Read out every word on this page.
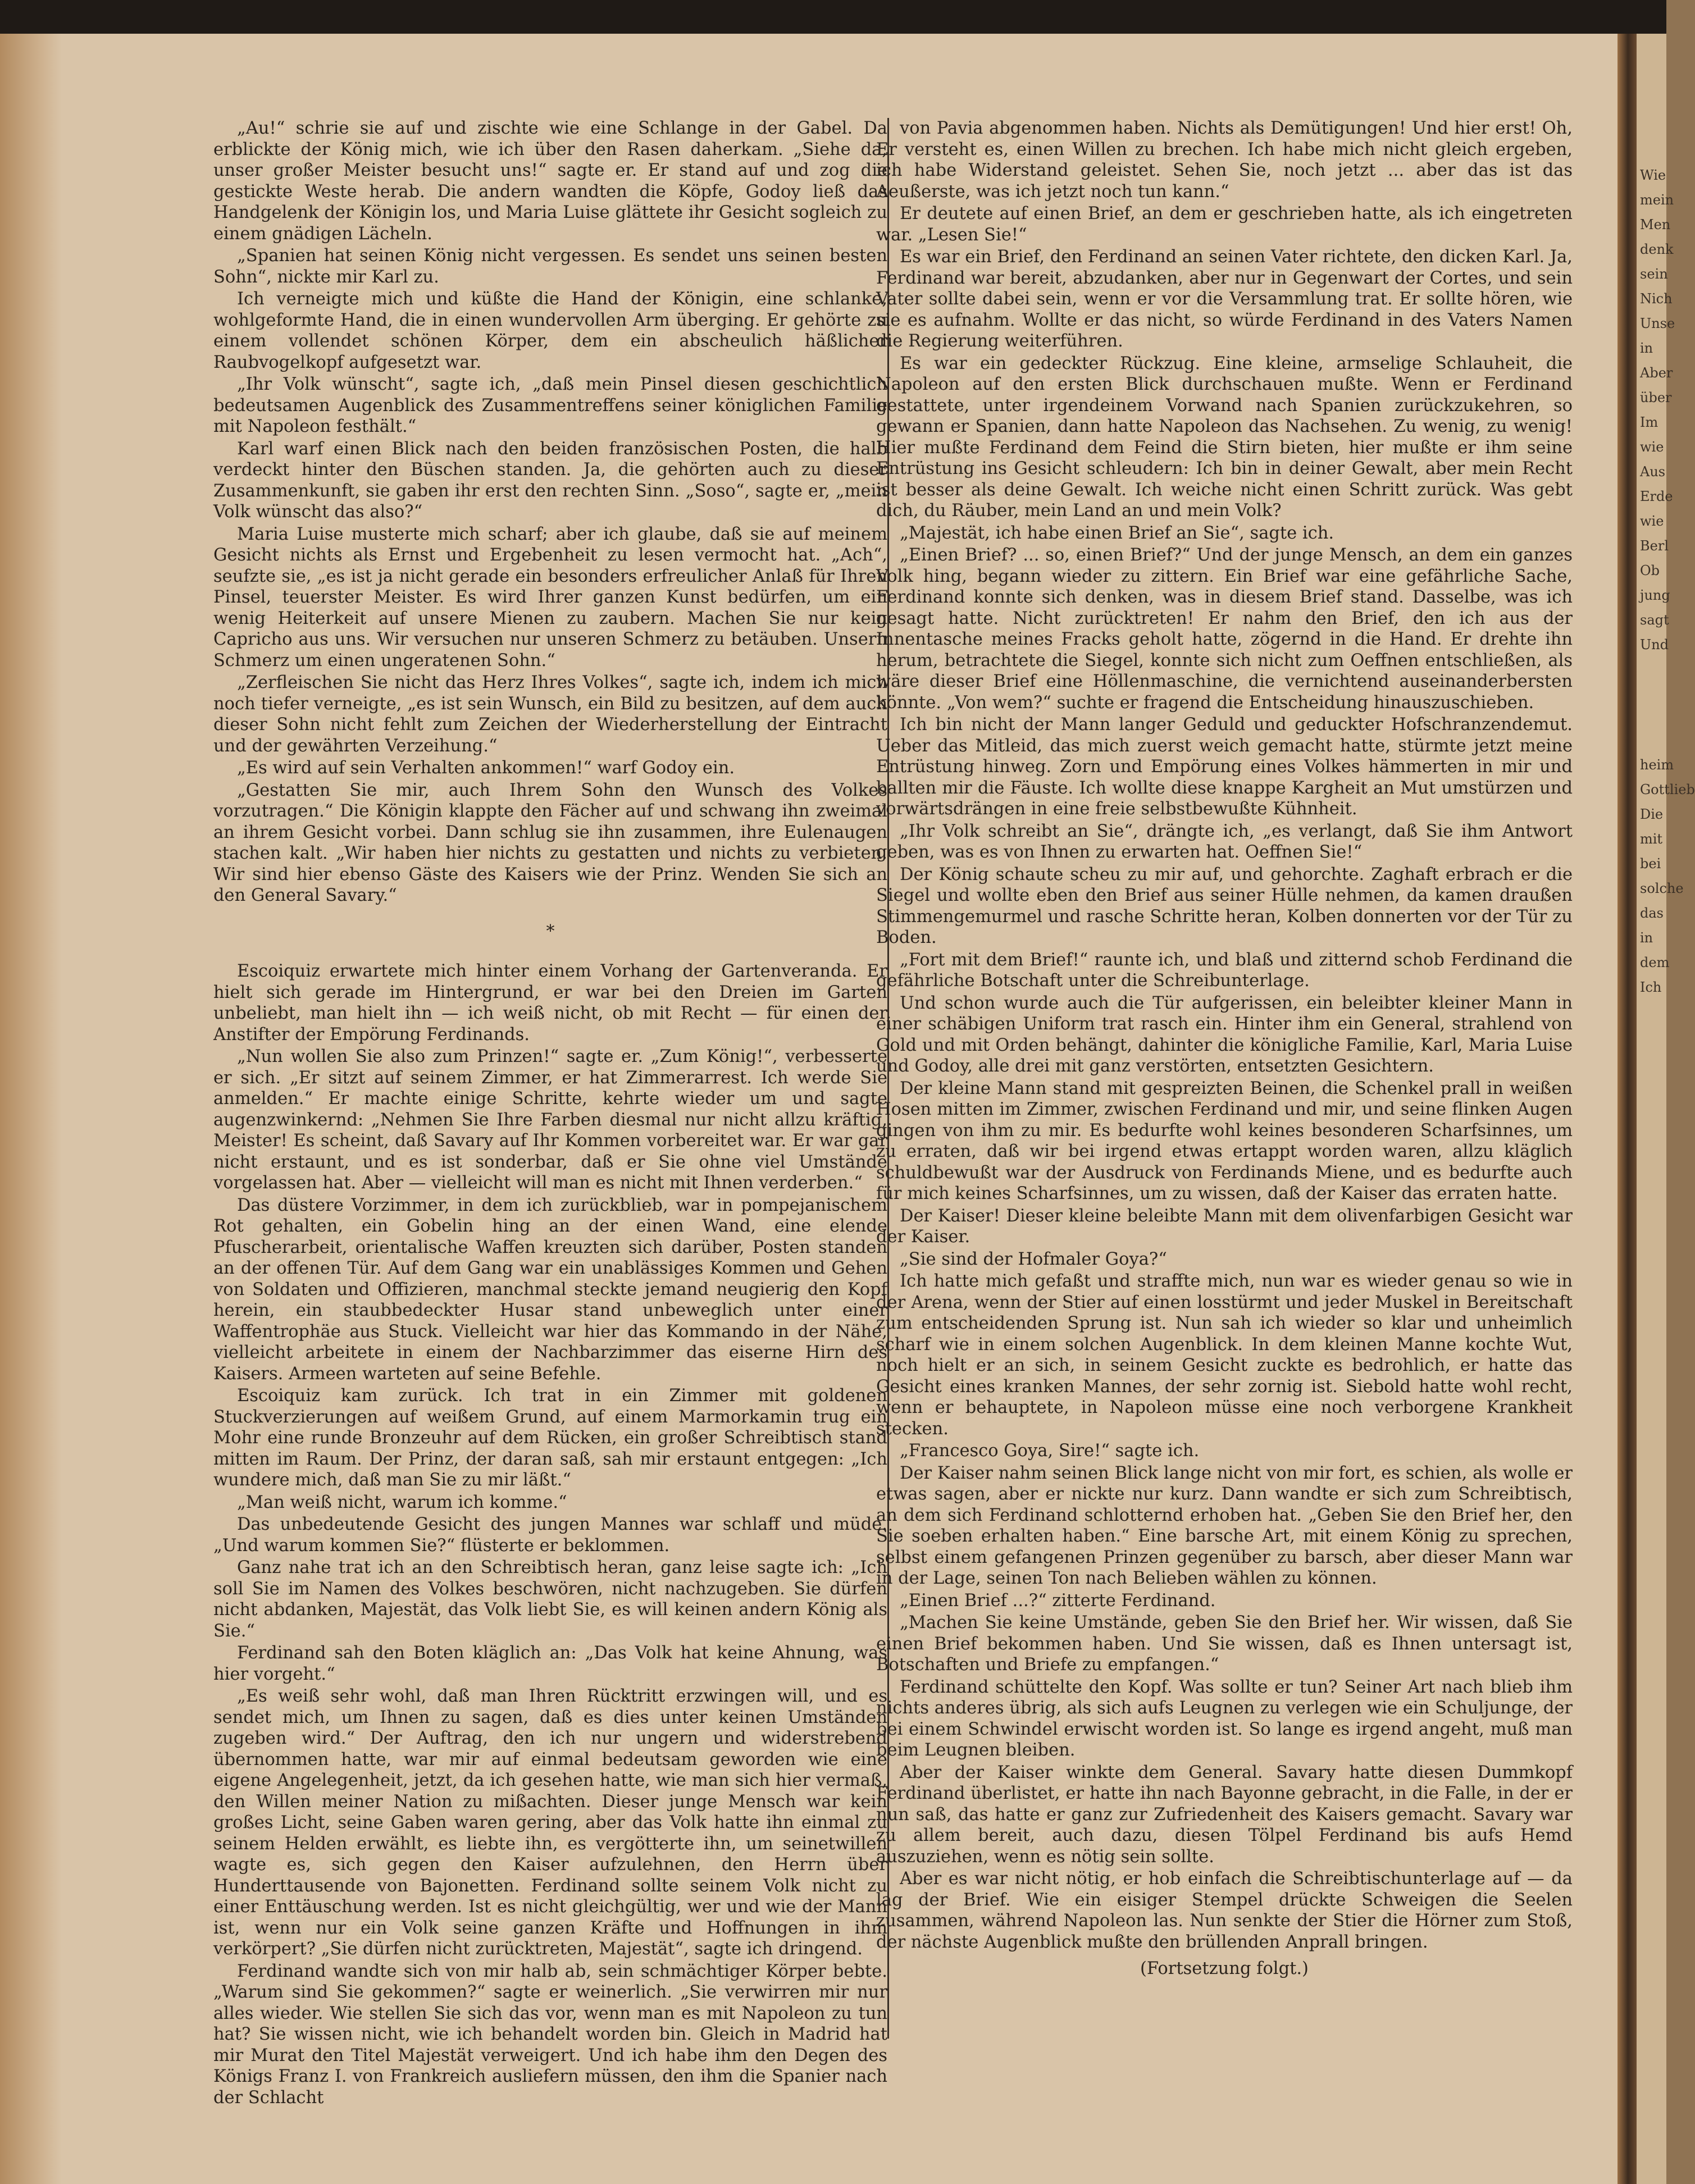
„Au!“ schrie sie auf und zischte wie eine Schlange in der Gabel. Da erblickte der König mich, wie ich über den Rasen daherkam. „Siehe da, unser großer Meister besucht uns!“ sagte er. Er stand auf und zog die gestickte Weste herab. Die andern wandten die Köpfe, Godoy ließ das Handgelenk der Königin los, und Maria Luise glättete ihr Gesicht sogleich zu einem gnädigen Lächeln.

„Spanien hat seinen König nicht vergessen. Es sendet uns seinen besten Sohn“, nickte mir Karl zu.

Ich verneigte mich und küßte die Hand der Königin, eine schlanke, wohlgeformte Hand, die in einen wundervollen Arm überging. Er gehörte zu einem vollendet schönen Körper, dem ein abscheulich häßlicher Raubvogelkopf aufgesetzt war.

„Ihr Volk wünscht“, sagte ich, „daß mein Pinsel diesen geschichtlich bedeutsamen Augenblick des Zusammentreffens seiner königlichen Familie mit Napoleon festhält.“

Karl warf einen Blick nach den beiden französischen Posten, die halb verdeckt hinter den Büschen standen. Ja, die gehörten auch zu dieser Zusammenkunft, sie gaben ihr erst den rechten Sinn. „Soso“, sagte er, „mein Volk wünscht das also?“

Maria Luise musterte mich scharf; aber ich glaube, daß sie auf meinem Gesicht nichts als Ernst und Ergebenheit zu lesen vermocht hat. „Ach“, seufzte sie, „es ist ja nicht gerade ein besonders erfreulicher Anlaß für Ihren Pinsel, teuerster Meister. Es wird Ihrer ganzen Kunst bedürfen, um ein wenig Heiterkeit auf unsere Mienen zu zaubern. Machen Sie nur kein Capricho aus uns. Wir versuchen nur unseren Schmerz zu betäuben. Unsern Schmerz um einen ungeratenen Sohn.“

„Zerfleischen Sie nicht das Herz Ihres Volkes“, sagte ich, indem ich mich noch tiefer verneigte, „es ist sein Wunsch, ein Bild zu besitzen, auf dem auch dieser Sohn nicht fehlt zum Zeichen der Wiederherstellung der Eintracht und der gewährten Verzeihung.“

„Es wird auf sein Verhalten ankommen!“ warf Godoy ein.

„Gestatten Sie mir, auch Ihrem Sohn den Wunsch des Volkes vorzutragen.“ Die Königin klappte den Fächer auf und schwang ihn zweimal an ihrem Gesicht vorbei. Dann schlug sie ihn zusammen, ihre Eulenaugen stachen kalt. „Wir haben hier nichts zu gestatten und nichts zu verbieten. Wir sind hier ebenso Gäste des Kaisers wie der Prinz. Wenden Sie sich an den General Savary.“

*

Escoiquiz erwartete mich hinter einem Vorhang der Gartenveranda. Er hielt sich gerade im Hintergrund, er war bei den Dreien im Garten unbeliebt, man hielt ihn — ich weiß nicht, ob mit Recht — für einen der Anstifter der Empörung Ferdinands.

„Nun wollen Sie also zum Prinzen!“ sagte er. „Zum König!“, verbesserte er sich. „Er sitzt auf seinem Zimmer, er hat Zimmerarrest. Ich werde Sie anmelden.“ Er machte einige Schritte, kehrte wieder um und sagte augenzwinkernd: „Nehmen Sie Ihre Farben diesmal nur nicht allzu kräftig, Meister! Es scheint, daß Savary auf Ihr Kommen vorbereitet war. Er war gar nicht erstaunt, und es ist sonderbar, daß er Sie ohne viel Umstände vorgelassen hat. Aber — vielleicht will man es nicht mit Ihnen verderben.“

Das düstere Vorzimmer, in dem ich zurückblieb, war in pompejanischem Rot gehalten, ein Gobelin hing an der einen Wand, eine elende Pfuscherarbeit, orientalische Waffen kreuzten sich darüber, Posten standen an der offenen Tür. Auf dem Gang war ein unablässiges Kommen und Gehen von Soldaten und Offizieren, manchmal steckte jemand neugierig den Kopf herein, ein staubbedeckter Husar stand unbeweglich unter einer Waffentrophäe aus Stuck. Vielleicht war hier das Kommando in der Nähe, vielleicht arbeitete in einem der Nachbarzimmer das eiserne Hirn des Kaisers. Armeen warteten auf seine Befehle.

Escoiquiz kam zurück. Ich trat in ein Zimmer mit goldenen Stuckverzierungen auf weißem Grund, auf einem Marmorkamin trug ein Mohr eine runde Bronzeuhr auf dem Rücken, ein großer Schreibtisch stand mitten im Raum. Der Prinz, der daran saß, sah mir erstaunt entgegen: „Ich wundere mich, daß man Sie zu mir läßt.“

„Man weiß nicht, warum ich komme.“

Das unbedeutende Gesicht des jungen Mannes war schlaff und müde. „Und warum kommen Sie?“ flüsterte er beklommen.

Ganz nahe trat ich an den Schreibtisch heran, ganz leise sagte ich: „Ich soll Sie im Namen des Volkes beschwören, nicht nachzugeben. Sie dürfen nicht abdanken, Majestät, das Volk liebt Sie, es will keinen andern König als Sie.“

Ferdinand sah den Boten kläglich an: „Das Volk hat keine Ahnung, was hier vorgeht.“

„Es weiß sehr wohl, daß man Ihren Rücktritt erzwingen will, und es sendet mich, um Ihnen zu sagen, daß es dies unter keinen Umständen zugeben wird.“ Der Auftrag, den ich nur ungern und widerstrebend übernommen hatte, war mir auf einmal bedeutsam geworden wie eine eigene Angelegenheit, jetzt, da ich gesehen hatte, wie man sich hier vermaß, den Willen meiner Nation zu mißachten. Dieser junge Mensch war kein großes Licht, seine Gaben waren gering, aber das Volk hatte ihn einmal zu seinem Helden erwählt, es liebte ihn, es vergötterte ihn, um seinetwillen wagte es, sich gegen den Kaiser aufzulehnen, den Herrn über Hunderttausende von Bajonetten. Ferdinand sollte seinem Volk nicht zu einer Enttäuschung werden. Ist es nicht gleichgültig, wer und wie der Mann ist, wenn nur ein Volk seine ganzen Kräfte und Hoffnungen in ihm verkörpert? „Sie dürfen nicht zurücktreten, Majestät“, sagte ich dringend.

Ferdinand wandte sich von mir halb ab, sein schmächtiger Körper bebte. „Warum sind Sie gekommen?“ sagte er weinerlich. „Sie verwirren mir nur alles wieder. Wie stellen Sie sich das vor, wenn man es mit Napoleon zu tun hat? Sie wissen nicht, wie ich behandelt worden bin. Gleich in Madrid hat mir Murat den Titel Majestät verweigert. Und ich habe ihm den Degen des Königs Franz I. von Frankreich ausliefern müssen, den ihm die Spanier nach der Schlacht

von Pavia abgenommen haben. Nichts als Demütigungen! Und hier erst! Oh, Er versteht es, einen Willen zu brechen. Ich habe mich nicht gleich ergeben, ich habe Widerstand geleistet. Sehen Sie, noch jetzt ... aber das ist das Aeußerste, was ich jetzt noch tun kann.“

Er deutete auf einen Brief, an dem er geschrieben hatte, als ich eingetreten war. „Lesen Sie!“

Es war ein Brief, den Ferdinand an seinen Vater richtete, den dicken Karl. Ja, Ferdinand war bereit, abzudanken, aber nur in Gegenwart der Cortes, und sein Vater sollte dabei sein, wenn er vor die Versammlung trat. Er sollte hören, wie sie es aufnahm. Wollte er das nicht, so würde Ferdinand in des Vaters Namen die Regierung weiterführen.

Es war ein gedeckter Rückzug. Eine kleine, armselige Schlauheit, die Napoleon auf den ersten Blick durchschauen mußte. Wenn er Ferdinand gestattete, unter irgendeinem Vorwand nach Spanien zurückzukehren, so gewann er Spanien, dann hatte Napoleon das Nachsehen. Zu wenig, zu wenig! Hier mußte Ferdinand dem Feind die Stirn bieten, hier mußte er ihm seine Entrüstung ins Gesicht schleudern: Ich bin in deiner Gewalt, aber mein Recht ist besser als deine Gewalt. Ich weiche nicht einen Schritt zurück. Was gebt dich, du Räuber, mein Land an und mein Volk?

„Majestät, ich habe einen Brief an Sie“, sagte ich.

„Einen Brief? ... so, einen Brief?“ Und der junge Mensch, an dem ein ganzes Volk hing, begann wieder zu zittern. Ein Brief war eine gefährliche Sache, Ferdinand konnte sich denken, was in diesem Brief stand. Dasselbe, was ich gesagt hatte. Nicht zurücktreten! Er nahm den Brief, den ich aus der Innentasche meines Fracks geholt hatte, zögernd in die Hand. Er drehte ihn herum, betrachtete die Siegel, konnte sich nicht zum Oeffnen entschließen, als wäre dieser Brief eine Höllenmaschine, die vernichtend auseinanderbersten könnte. „Von wem?“ suchte er fragend die Entscheidung hinauszuschieben.

Ich bin nicht der Mann langer Geduld und geduckter Hofschranzendemut. Ueber das Mitleid, das mich zuerst weich gemacht hatte, stürmte jetzt meine Entrüstung hinweg. Zorn und Empörung eines Volkes hämmerten in mir und ballten mir die Fäuste. Ich wollte diese knappe Kargheit an Mut umstürzen und vorwärtsdrängen in eine freie selbstbewußte Kühnheit.

„Ihr Volk schreibt an Sie“, drängte ich, „es verlangt, daß Sie ihm Antwort geben, was es von Ihnen zu erwarten hat. Oeffnen Sie!“

Der König schaute scheu zu mir auf, und gehorchte. Zaghaft erbrach er die Siegel und wollte eben den Brief aus seiner Hülle nehmen, da kamen draußen Stimmengemurmel und rasche Schritte heran, Kolben donnerten vor der Tür zu Boden.

„Fort mit dem Brief!“ raunte ich, und blaß und zitternd schob Ferdinand die gefährliche Botschaft unter die Schreibunterlage.

Und schon wurde auch die Tür aufgerissen, ein beleibter kleiner Mann in einer schäbigen Uniform trat rasch ein. Hinter ihm ein General, strahlend von Gold und mit Orden behängt, dahinter die königliche Familie, Karl, Maria Luise und Godoy, alle drei mit ganz verstörten, entsetzten Gesichtern.

Der kleine Mann stand mit gespreizten Beinen, die Schenkel prall in weißen Hosen mitten im Zimmer, zwischen Ferdinand und mir, und seine flinken Augen gingen von ihm zu mir. Es bedurfte wohl keines besonderen Scharfsinnes, um zu erraten, daß wir bei irgend etwas ertappt worden waren, allzu kläglich schuldbewußt war der Ausdruck von Ferdinands Miene, und es bedurfte auch für mich keines Scharfsinnes, um zu wissen, daß der Kaiser das erraten hatte.

Der Kaiser! Dieser kleine beleibte Mann mit dem olivenfarbigen Gesicht war der Kaiser.

„Sie sind der Hofmaler Goya?“

Ich hatte mich gefaßt und straffte mich, nun war es wieder genau so wie in der Arena, wenn der Stier auf einen losstürmt und jeder Muskel in Bereitschaft zum entscheidenden Sprung ist. Nun sah ich wieder so klar und unheimlich scharf wie in einem solchen Augenblick. In dem kleinen Manne kochte Wut, noch hielt er an sich, in seinem Gesicht zuckte es bedrohlich, er hatte das Gesicht eines kranken Mannes, der sehr zornig ist. Siebold hatte wohl recht, wenn er behauptete, in Napoleon müsse eine noch verborgene Krankheit stecken.

„Francesco Goya, Sire!“ sagte ich.

Der Kaiser nahm seinen Blick lange nicht von mir fort, es schien, als wolle er etwas sagen, aber er nickte nur kurz. Dann wandte er sich zum Schreibtisch, an dem sich Ferdinand schlotternd erhoben hat. „Geben Sie den Brief her, den Sie soeben erhalten haben.“ Eine barsche Art, mit einem König zu sprechen, selbst einem gefangenen Prinzen gegenüber zu barsch, aber dieser Mann war in der Lage, seinen Ton nach Belieben wählen zu können.

„Einen Brief ...?“ zitterte Ferdinand.

„Machen Sie keine Umstände, geben Sie den Brief her. Wir wissen, daß Sie einen Brief bekommen haben. Und Sie wissen, daß es Ihnen untersagt ist, Botschaften und Briefe zu empfangen.“

Ferdinand schüttelte den Kopf. Was sollte er tun? Seiner Art nach blieb ihm nichts anderes übrig, als sich aufs Leugnen zu verlegen wie ein Schuljunge, der bei einem Schwindel erwischt worden ist. So lange es irgend angeht, muß man beim Leugnen bleiben.

Aber der Kaiser winkte dem General. Savary hatte diesen Dummkopf Ferdinand überlistet, er hatte ihn nach Bayonne gebracht, in die Falle, in der er nun saß, das hatte er ganz zur Zufriedenheit des Kaisers gemacht. Savary war zu allem bereit, auch dazu, diesen Tölpel Ferdinand bis aufs Hemd auszuziehen, wenn es nötig sein sollte.

Aber es war nicht nötig, er hob einfach die Schreibtischunterlage auf — da lag der Brief. Wie ein eisiger Stempel drückte Schweigen die Seelen zusammen, während Napoleon las. Nun senkte der Stier die Hörner zum Stoß, der nächste Augenblick mußte den brüllenden Anprall bringen.

(Fortsetzung folgt.)

Wie

mein

Men

denk

sein

Nich

Unse

in

Aber

über

Im

wie

Aus

Erde

wie

Berl

Ob

jung

sagt

Und

heim

Gottlieb

Die

mit

bei

solche

das

in

dem

Ich
